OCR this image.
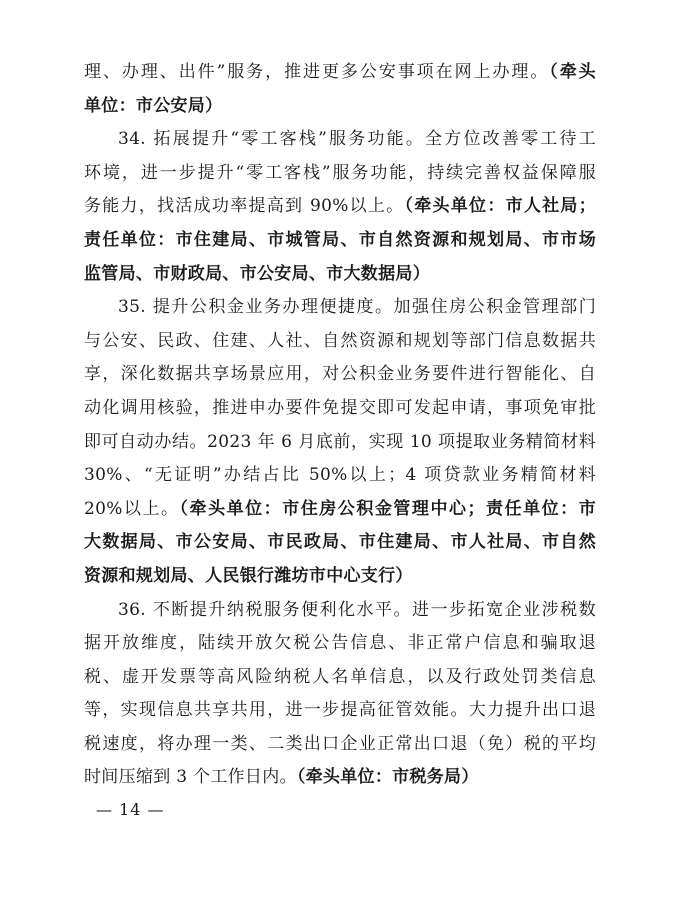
理、办理、出件”服务，推进更多公安事项在网上办理。（牵头
单位：市公安局）
34. 拓展提升“零工客栈”服务功能。全方位改善零工待工
环境，进一步提升“零工客栈”服务功能，持续完善权益保障服
务能力，找活成功率提高到 90%以上。（牵头单位：市人社局；
责任单位：市住建局、市城管局、市自然资源和规划局、市市场
监管局、市财政局、市公安局、市大数据局）
35. 提升公积金业务办理便捷度。加强住房公积金管理部门
与公安、民政、住建、人社、自然资源和规划等部门信息数据共
享，深化数据共享场景应用，对公积金业务要件进行智能化、自
动化调用核验，推进申办要件免提交即可发起申请，事项免审批
即可自动办结。2023 年 6 月底前，实现 10 项提取业务精简材料
30%、“无证明”办结占比 50%以上；4 项贷款业务精简材料
20%以上。（牵头单位：市住房公积金管理中心；责任单位：市
大数据局、市公安局、市民政局、市住建局、市人社局、市自然
资源和规划局、人民银行潍坊市中心支行）
36. 不断提升纳税服务便利化水平。进一步拓宽企业涉税数
据开放维度，陆续开放欠税公告信息、非正常户信息和骗取退
税、虚开发票等高风险纳税人名单信息，以及行政处罚类信息
等，实现信息共享共用，进一步提高征管效能。大力提升出口退
税速度，将办理一类、二类出口企业正常出口退（免）税的平均
时间压缩到 3 个工作日内。（牵头单位：市税务局）
— 14 —
